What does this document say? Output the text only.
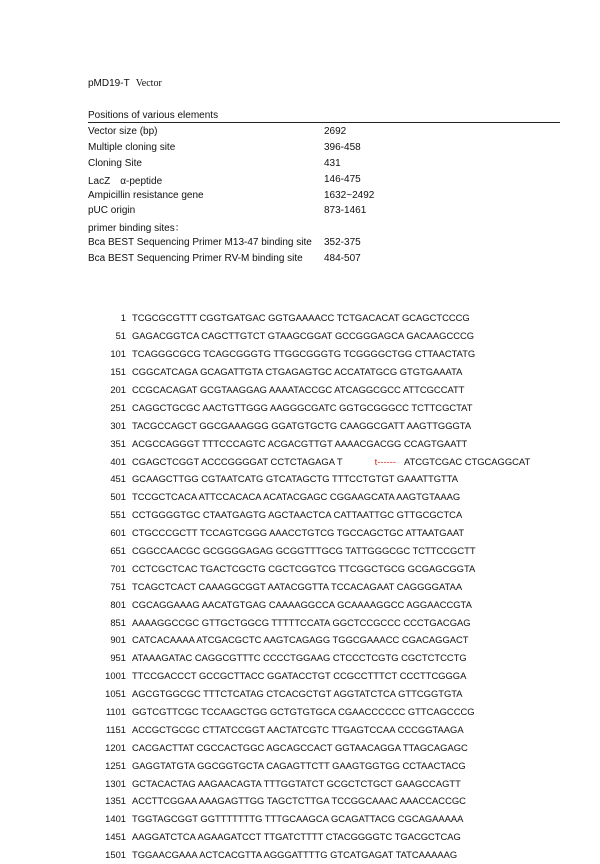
pMD19-T Vector
Positions of various elements
Vector size (bp)	2692
Multiple cloning site	396-458
Cloning Site	431
LacZ　α-peptide	146-475
Ampicillin resistance gene	1632~2492
pUC origin	873-1461
primer binding sites：
Bca BEST Sequencing Primer M13-47 binding site	352-375
Bca BEST Sequencing Primer RV-M binding site	484-507
1 TCGCGCGTTT CGGTGATGAC GGTGAAAACC TCTGACACAT GCAGCTCCCG
51 GAGACGGTCA CAGCTTGTCT GTAAGCGGAT GCCGGGAGCA GACAAGCCCG
101 TCAGGGCGCG TCAGCGGGTG TTGGCGGGTG TCGGGGCTGG CTTAACTATG
151 CGGCATCAGA GCAGATTGTA CTGAGAGTGC ACCATATGCG GTGTGAAATA
201 CCGCACAGAT GCGTAAGGAG AAAATACCGC ATCAGGCGCC ATTCGCCATT
251 CAGGCTGCGC AACTGTTGGG AAGGGCGATC GGTGCGGGCC TCTTCGCTAT
301 TACGCCAGCT GGCGAAAGGG GGATGTGCTG CAAGGCGATT AAGTTGGGTA
351 ACGCCAGGGT TTTCCCAGTC ACGACGTTGT AAAACGACGG CCAGTGAATT
401 CGAGCTCGGT ACCCGGGGAT CCTCTAGAGA T	t------ ATCGTCGAC CTGCAGGCAT
451 GCAAGCTTGG CGTAATCATG GTCATAGCTG TTTCCTGTGT GAAATTGTTA
501 TCCGCTCACA ATTCCACACA ACATACGAGC CGGAAGCATA AAGTGTAAAG
551 CCTGGGGTGC CTAATGAGTG AGCTAACTCA CATTAATTGC GTTGCGCTCA
601 CTGCCCGCTT TCCAGTCGGG AAACCTGTCG TGCCAGCTGC ATTAATGAAT
651 CGGCCAACGC GCGGGGAGAG GCGGTTTGCG TATTGGGCGC TCTTCCGCTT
701 CCTCGCTCAC TGACTCGCTG CGCTCGGTCG TTCGGCTGCG GCGAGCGGTA
751 TCAGCTCACT CAAAGGCGGT AATACGGTTA TCCACAGAAT CAGGGGATAA
801 CGCAGGAAAG AACATGTGAG CAAAAGGCCA GCAAAAGGCC AGGAACCGTA
851 AAAAGGCCGC GTTGCTGGCG TTTTTCCATA GGCTCCGCCC CCCTGACGAG
901 CATCACAAAA ATCGACGCTC AAGTCAGAGG TGGCGAAACC CGACAGGACT
951 ATAAAGATAC CAGGCGTTTC CCCCTGGAAG CTCCCTCGTG CGCTCTCCTG
1001 TTCCGACCCT GCCGCTTACC GGATACCTGT CCGCCTTTCT CCCTTCGGGA
1051 AGCGTGGCGC TTTCTCATAG CTCACGCTGT AGGTATCTCA GTTCGGTGTA
1101 GGTCGTTCGC TCCAAGCTGG GCTGTGTGCA CGAACCCCCC GTTCAGCCCG
1151 ACCGCTGCGC CTTATCCGGT AACTATCGTC TTGAGTCCAA CCCGGTAAGA
1201 CACGACTTAT CGCCACTGGC AGCAGCCACT GGTAACAGGA TTAGCAGAGC
1251 GAGGTATGTA GGCGGTGCTA CAGAGTTCTT GAAGTGGTGG CCTAACTACG
1301 GCTACACTAG AAGAACAGTA TTTGGTATCT GCGCTCTGCT GAAGCCAGTT
1351 ACCTTCGGAA AAAGAGTTGG TAGCTCTTGA TCCGGCAAAC AAACCACCGC
1401 TGGTAGCGGT GGTTTTTTTG TTTGCAAGCA GCAGATTACG CGCAGAAAAA
1451 AAGGATCTCA AGAAGATCCT TTGATCTTTT CTACGGGGTC TGACGCTCAG
1501 TGGAACGAAA ACTCACGTTA AGGGATTTTG GTCATGAGAT TATCAAAAAG
